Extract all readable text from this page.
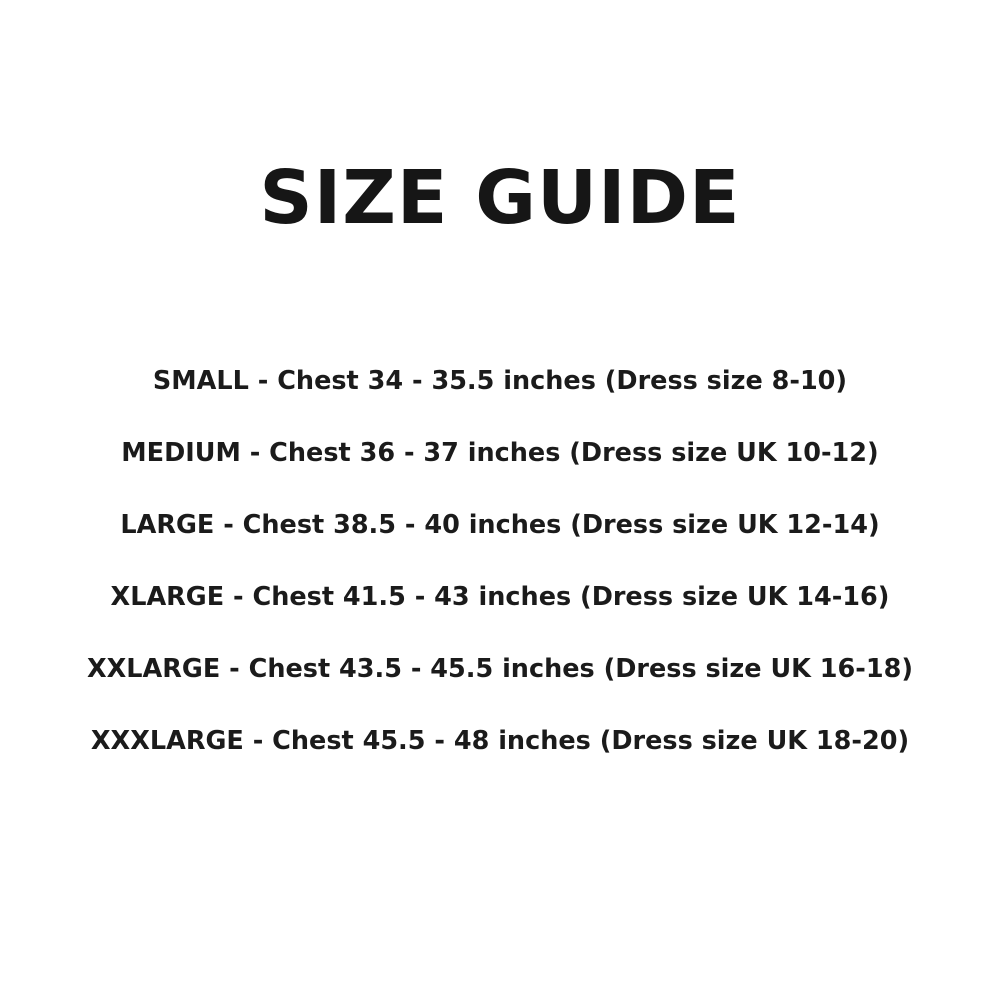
SIZE GUIDE
SMALL - Chest 34 - 35.5 inches (Dress size 8-10)
MEDIUM - Chest 36 - 37 inches (Dress size UK 10-12)
LARGE - Chest 38.5 - 40 inches (Dress size UK 12-14)
XLARGE - Chest 41.5 - 43 inches (Dress size UK 14-16)
XXLARGE - Chest 43.5 - 45.5 inches (Dress size UK 16-18)
XXXLARGE - Chest 45.5 - 48 inches (Dress size UK 18-20)
